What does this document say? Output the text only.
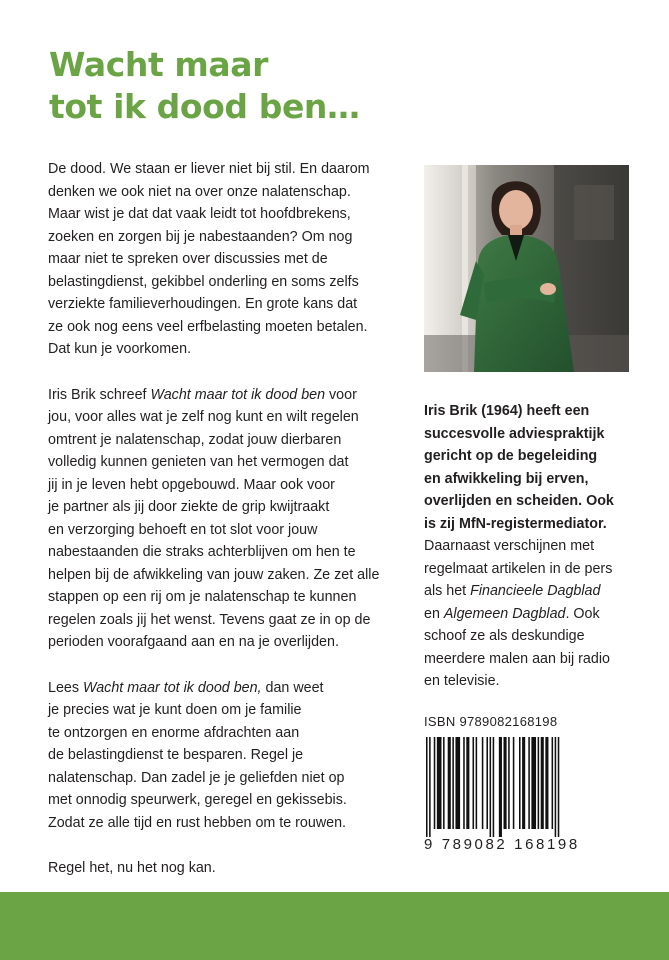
Wacht maar
tot ik dood ben…

De dood. We staan er liever niet bij stil. En daarom
denken we ook niet na over onze nalatenschap.
Maar wist je dat dat vaak leidt tot hoofdbrekens,
zoeken en zorgen bij je nabestaanden? Om nog
maar niet te spreken over discussies met de
belastingdienst, gekibbel onderling en soms zelfs
verziekte familieverhoudingen. En grote kans dat
ze ook nog eens veel erfbelasting moeten betalen.
Dat kun je voorkomen.

Iris Brik schreef Wacht maar tot ik dood ben voor
jou, voor alles wat je zelf nog kunt en wilt regelen
omtrent je nalatenschap, zodat jouw dierbaren
volledig kunnen genieten van het vermogen dat
jij in je leven hebt opgebouwd. Maar ook voor
je partner als jij door ziekte de grip kwijtraakt
en verzorging behoeft en tot slot voor jouw
nabestaanden die straks achterblijven om hen te
helpen bij de afwikkeling van jouw zaken. Ze zet alle
stappen op een rij om je nalatenschap te kunnen
regelen zoals jij het wenst. Tevens gaat ze in op de
perioden voorafgaand aan en na je overlijden.

Lees Wacht maar tot ik dood ben, dan weet
je precies wat je kunt doen om je familie
te ontzorgen en enorme afdrachten aan
de belastingdienst te besparen. Regel je
nalatenschap. Dan zadel je je geliefden niet op
met onnodig speurwerk, geregel en gekissebis.
Zodat ze alle tijd en rust hebben om te rouwen.

Regel het, nu het nog kan.

Iris Brik (1964) heeft een
succesvolle adviespraktijk
gericht op de begeleiding
en afwikkeling bij erven,
overlijden en scheiden. Ook
is zij MfN-registermediator.
Daarnaast verschijnen met
regelmaat artikelen in de pers
als het Financieele Dagblad
en Algemeen Dagblad. Ook
schoof ze als deskundige
meerdere malen aan bij radio
en televisie.
ISBN 9789082168198
9 789082 168198
